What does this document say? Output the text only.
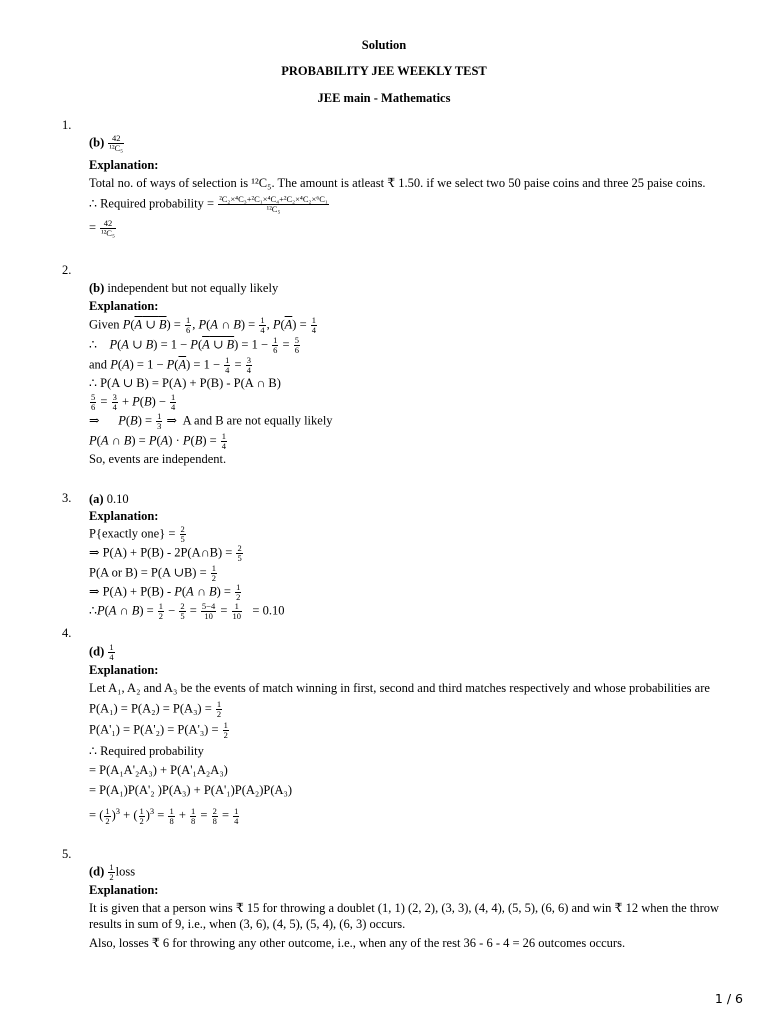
Solution
PROBABILITY JEE WEEKLY TEST
JEE main - Mathematics
1.
$(b) \frac{42}{\text{¹²C₅}}$
Explanation:
Total no. of ways of selection is ¹²C₅. The amount is atleast ₹ 1.50. if we select two 50 paise coins and three 25 paise coins.
∴ Required probability = $\frac{\text{²C₂×⁴C₃+²C₁×⁴C₄+²C₂×⁴C₂×⁶C₁}}{\text{¹²C₅}}$
= $\frac{42}{\text{¹²C₅}}$
2.
(b) independent but not equally likely
Explanation:
Given P(A ∪ $B) = \frac{1}{6}$ , P(A ∩ $B) = \frac{1}{4}$ , $P(\overline{A}) = \frac{1}{4}$
∴ P(A ∪ B) = 1 − P(A ∪ $B) = 1 - \frac{1}{6} = \frac{5}{6}$
and $P(A) = 1 - P(\overline{A}) = 1 - \frac{1}{4} = \frac{3}{4}$
∴ P(A ∪ B) = P(A) + P(B) - P(A ∩ B)
$\frac{5}{6} = \frac{3}{4} + P(B) - \frac{1}{4}$
⇒ $P(B) = \frac{1}{3}$ ⇒  A and B are not equally likely
P(A ∩ $B) = P(A) \cdot P(B) = \frac{1}{4}$
So, events are independent.
3. (a) 0.10
Explanation:
P{exactly $one\} = \frac{2}{5}$
⇒ P(A) + P(B) - 2P(A∩B) = $\frac{2}{5}$
P(A or B) = P(A ∪B) = $\frac{1}{2}$
⇒ P(A) + P(B) - P(A ∩ $B) = \frac{1}{2}$
∴P(A ∩ $B) = \frac{1}{2} - \frac{2}{5} = \frac{5-4}{10} = \frac{1}{10} = 0.10$
4.
$(d) \frac{1}{4}$
Explanation:
Let A₁, A₂ and A₃ be the events of match winning in first, second and third matches respectively and whose probabilities are
$P(A_1) = P(A_2) = P(A_3) = \frac{1}{2}$
$P(A'_1) = P(A'_2) = P(A'_3) = \frac{1}{2}$
∴ Required probability
= P(A₁A'₂A₃) + P(A'₁A₂A₃)
= P(A₁)P(A'₂ )P(A₃) + P(A'₁)P(A₂)P(A₃)
= ( $\frac{1}{2} )^3$ + ( $\frac{1}{2} )^3 = \frac{1}{8} + \frac{1}{8} = \frac{2}{8} = \frac{1}{4}$
5.
$(d) \frac{1}{2}$ loss
Explanation:
It is given that a person wins ₹ 15 for throwing a doublet (1, 1) (2, 2), (3, 3), (4, 4), (5, 5), (6, 6) and win ₹ 12 when the throw results in sum of 9, i.e., when (3, 6), (4, 5), (5, 4), (6, 3) occurs.
Also, losses ₹ 6 for throwing any other outcome, i.e., when any of the rest 36 - 6 - 4 = 26 outcomes occurs.
1 / 6
